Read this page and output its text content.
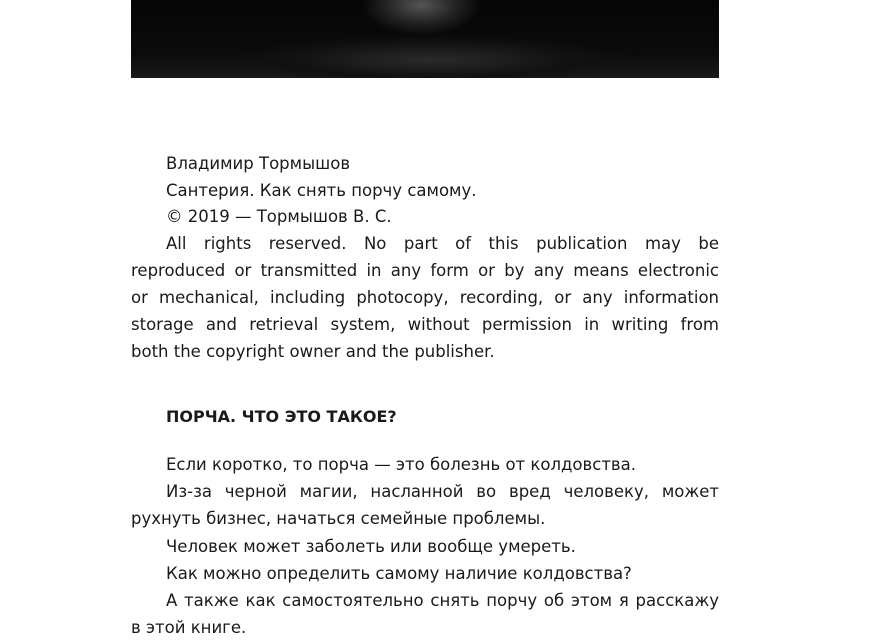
Владимир Тормышов
Сантерия. Как снять порчу самому.
© 2019 — Тормышов В. С.
All rights reserved. No part of this publication may be
reproduced or transmitted in any form or by any means electronic
or mechanical, including photocopy, recording, or any information
storage and retrieval system, without permission in writing from
both the copyright owner and the publisher.
ПОРЧА. ЧТО ЭТО ТАКОЕ?
Если коротко, то порча — это болезнь от колдовства.
Из-за черной магии, насланной во вред человеку, может
рухнуть бизнес, начаться семейные проблемы.
Человек может заболеть или вообще умереть.
Как можно определить самому наличие колдовства?
А также как самостоятельно снять порчу об этом я расскажу
в этой книге.
